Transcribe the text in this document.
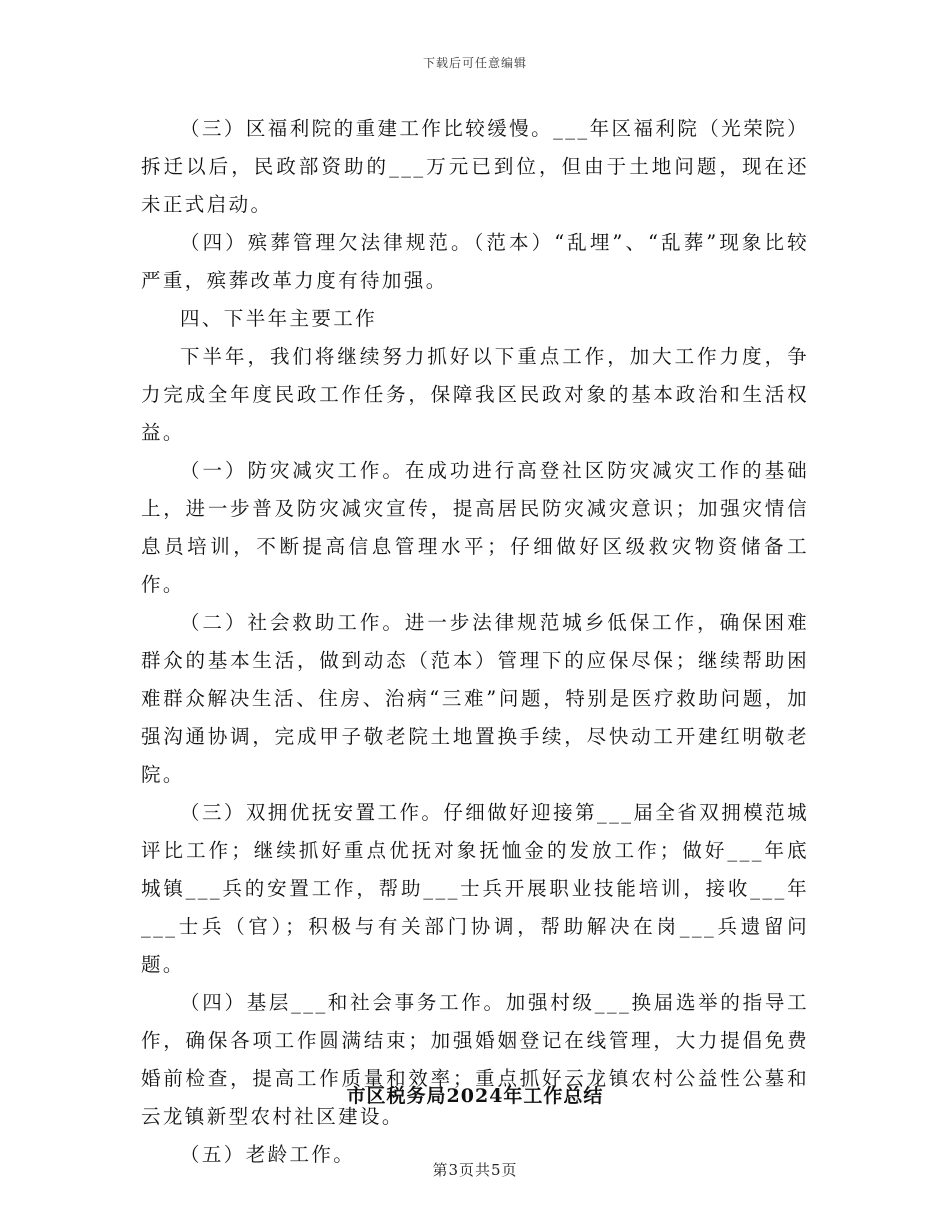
下载后可任意编辑

（三）区福利院的重建工作比较缓慢。___年区福利院（光荣院）拆迁以后，民政部资助的___万元已到位，但由于土地问题，现在还未正式启动。

（四）殡葬管理欠法律规范。（范本）“乱埋”、“乱葬”现象比较严重，殡葬改革力度有待加强。

四、下半年主要工作

下半年，我们将继续努力抓好以下重点工作，加大工作力度，争力完成全年度民政工作任务，保障我区民政对象的基本政治和生活权益。

（一）防灾减灾工作。在成功进行高登社区防灾减灾工作的基础上，进一步普及防灾减灾宣传，提高居民防灾减灾意识；加强灾情信息员培训，不断提高信息管理水平；仔细做好区级救灾物资储备工作。

（二）社会救助工作。进一步法律规范城乡低保工作，确保困难群众的基本生活，做到动态（范本）管理下的应保尽保；继续帮助困难群众解决生活、住房、治病“三难”问题，特别是医疗救助问题，加强沟通协调，完成甲子敬老院土地置换手续，尽快动工开建红明敬老院。

（三）双拥优抚安置工作。仔细做好迎接第___届全省双拥模范城评比工作；继续抓好重点优抚对象抚恤金的发放工作；做好___年底城镇___兵的安置工作，帮助___士兵开展职业技能培训，接收___年___士兵（官）；积极与有关部门协调，帮助解决在岗___兵遗留问题。

（四）基层___和社会事务工作。加强村级___换届选举的指导工作，确保各项工作圆满结束；加强婚姻登记在线管理，大力提倡免费婚前检查，提高工作质量和效率；重点抓好云龙镇农村公益性公墓和云龙镇新型农村社区建设。

（五）老龄工作。

市区税务局2024年工作总结
第3页共5页
